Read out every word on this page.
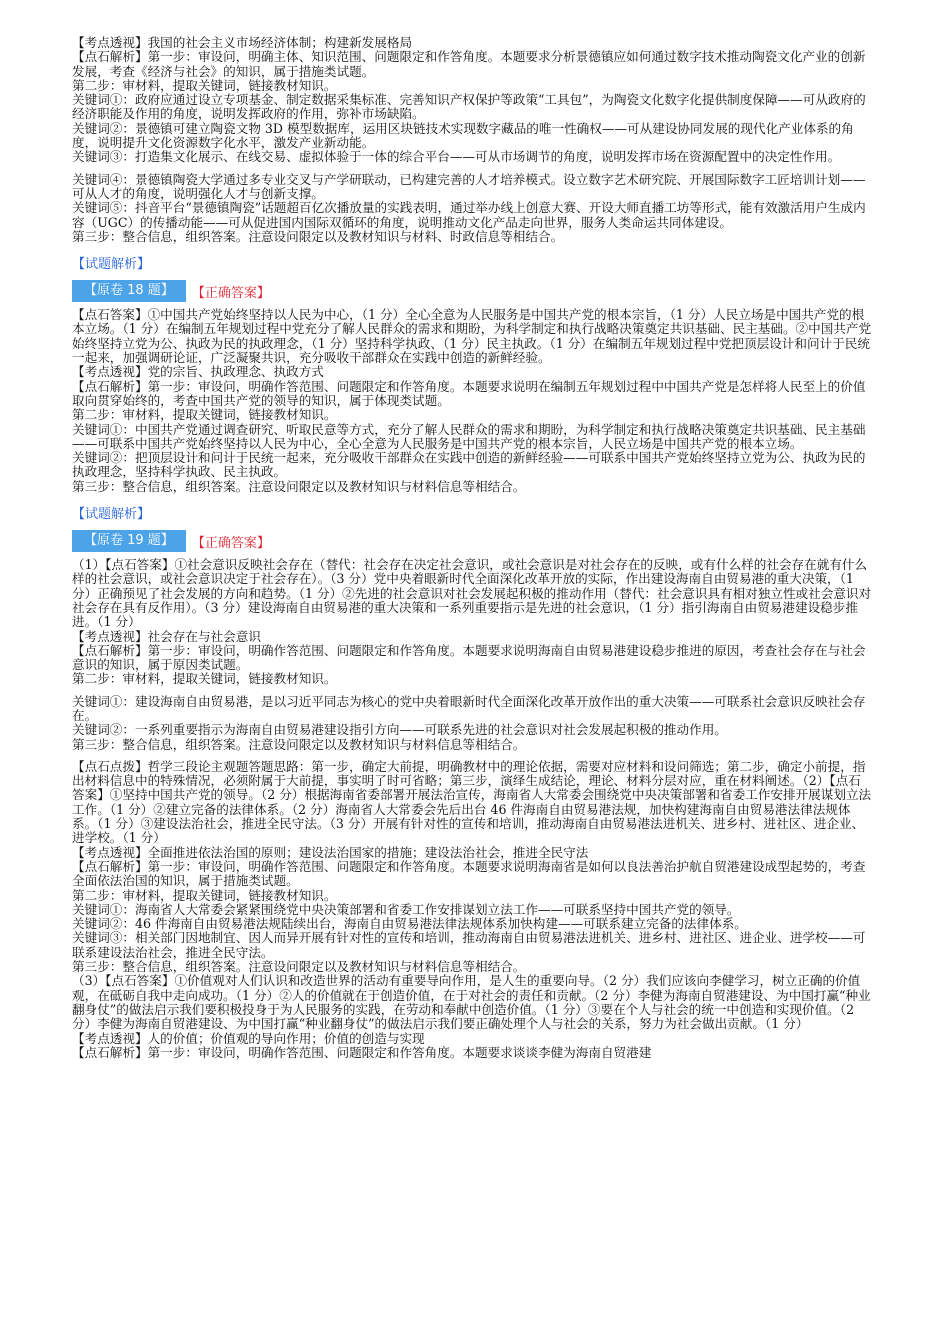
【考点透视】我国的社会主义市场经济体制；构建新发展格局

【点石解析】第一步：审设问，明确主体、知识范围、问题限定和作答角度。本题要求分析景德镇应如何通过数字技术推动陶瓷文化产业的创新发展，考查《经济与社会》的知识，属于措施类试题。

第二步：审材料，提取关键词，链接教材知识。

关键词①：政府应通过设立专项基金、制定数据采集标准、完善知识产权保护等政策“工具包”，为陶瓷文化数字化提供制度保障——可从政府的经济职能及作用的角度，说明发挥政府的作用，弥补市场缺陷。

关键词②：景德镇可建立陶瓷文物 3D 模型数据库，运用区块链技术实现数字藏品的唯一性确权——可从建设协同发展的现代化产业体系的角度，说明提升文化资源数字化水平，激发产业新动能。

关键词③：打造集文化展示、在线交易、虚拟体验于一体的综合平台——可从市场调节的角度，说明发挥市场在资源配置中的决定性作用。

关键词④：景德镇陶瓷大学通过多专业交叉与产学研联动，已构建完善的人才培养模式。设立数字艺术研究院、开展国际数字工匠培训计划——可从人才的角度，说明强化人才与创新支撑。

关键词⑤：抖音平台“景德镇陶瓷”话题超百亿次播放量的实践表明，通过举办线上创意大赛、开设大师直播工坊等形式，能有效激活用户生成内容（UGC）的传播动能——可从促进国内国际双循环的角度，说明推动文化产品走向世界，服务人类命运共同体建设。

第三步：整合信息，组织答案。注意设问限定以及教材知识与材料、时政信息等相结合。

【试题解析】
【原卷 18 题】	【正确答案】

【点石答案】①中国共产党始终坚持以人民为中心，（1 分）全心全意为人民服务是中国共产党的根本宗旨，（1 分）人民立场是中国共产党的根本立场。（1 分）在编制五年规划过程中党充分了解人民群众的需求和期盼，为科学制定和执行战略决策奠定共识基础、民主基础。②中国共产党始终坚持立党为公、执政为民的执政理念，（1 分）坚持科学执政、（1 分）民主执政。（1 分）在编制五年规划过程中党把顶层设计和问计于民统一起来，加强调研论证，广泛凝聚共识，充分吸收干部群众在实践中创造的新鲜经验。

【考点透视】党的宗旨、执政理念、执政方式

【点石解析】第一步：审设问，明确作答范围、问题限定和作答角度。本题要求说明在编制五年规划过程中中国共产党是怎样将人民至上的价值取向贯穿始终的，考查中国共产党的领导的知识，属于体现类试题。

第二步：审材料，提取关键词，链接教材知识。

关键词①：中国共产党通过调查研究、听取民意等方式，充分了解人民群众的需求和期盼，为科学制定和执行战略决策奠定共识基础、民主基础——可联系中国共产党始终坚持以人民为中心，全心全意为人民服务是中国共产党的根本宗旨，人民立场是中国共产党的根本立场。

关键词②：把顶层设计和问计于民统一起来，充分吸收干部群众在实践中创造的新鲜经验——可联系中国共产党始终坚持立党为公、执政为民的执政理念，坚持科学执政、民主执政。

第三步：整合信息，组织答案。注意设问限定以及教材知识与材料信息等相结合。

【试题解析】
【原卷 19 题】	【正确答案】

（1）【点石答案】①社会意识反映社会存在（替代：社会存在决定社会意识，或社会意识是对社会存在的反映，或有什么样的社会存在就有什么样的社会意识，或社会意识决定于社会存在）。（3 分）党中央着眼新时代全面深化改革开放的实际，作出建设海南自由贸易港的重大决策，（1 分）正确预见了社会发展的方向和趋势。（1 分）②先进的社会意识对社会发展起积极的推动作用（替代：社会意识具有相对独立性或社会意识对社会存在具有反作用）。（3 分）建设海南自由贸易港的重大决策和一系列重要指示是先进的社会意识，（1 分）指引海南自由贸易港建设稳步推进。（1 分）

【考点透视】社会存在与社会意识

【点石解析】第一步：审设问，明确作答范围、问题限定和作答角度。本题要求说明海南自由贸易港建设稳步推进的原因，考查社会存在与社会意识的知识，属于原因类试题。

第二步：审材料，提取关键词，链接教材知识。

关键词①：建设海南自由贸易港，是以习近平同志为核心的党中央着眼新时代全面深化改革开放作出的重大决策——可联系社会意识反映社会存在。

关键词②：一系列重要指示为海南自由贸易港建设指引方向——可联系先进的社会意识对社会发展起积极的推动作用。

第三步：整合信息，组织答案。注意设问限定以及教材知识与材料信息等相结合。

【点石点拨】哲学三段论主观题答题思路：第一步，确定大前提，明确教材中的理论依据，需要对应材料和设问筛选；第二步，确定小前提，指出材料信息中的特殊情况，必须附属于大前提，事实明了时可省略；第三步，演绎生成结论，理论、材料分层对应，重在材料阐述。（2）【点石答案】①坚持中国共产党的领导。（2 分）根据海南省委部署开展法治宣传，海南省人大常委会围绕党中央决策部署和省委工作安排开展谋划立法工作。（1 分）②建立完备的法律体系。（2 分）海南省人大常委会先后出台 46 件海南自由贸易港法规，加快构建海南自由贸易港法律法规体系。（1 分）③建设法治社会，推进全民守法。（3 分）开展有针对性的宣传和培训，推动海南自由贸易港法进机关、进乡村、进社区、进企业、进学校。（1 分）

【考点透视】全面推进依法治国的原则；建设法治国家的措施；建设法治社会，推进全民守法

【点石解析】第一步：审设问，明确作答范围、问题限定和作答角度。本题要求说明海南省是如何以良法善治护航自贸港建设成型起势的，考查全面依法治国的知识，属于措施类试题。

第二步：审材料，提取关键词，链接教材知识。

关键词①：海南省人大常委会紧紧围绕党中央决策部署和省委工作安排谋划立法工作——可联系坚持中国共产党的领导。

关键词②：46 件海南自由贸易港法规陆续出台，海南自由贸易港法律法规体系加快构建——可联系建立完备的法律体系。

关键词③：相关部门因地制宜、因人而异开展有针对性的宣传和培训，推动海南自由贸易港法进机关、进乡村、进社区、进企业、进学校——可联系建设法治社会，推进全民守法。

第三步：整合信息，组织答案。注意设问限定以及教材知识与材料信息等相结合。

（3）【点石答案】①价值观对人们认识和改造世界的活动有重要导向作用，是人生的重要向导。（2 分）我们应该向李健学习，树立正确的价值观，在砥砺自我中走向成功。（1 分）②人的价值就在于创造价值，在于对社会的责任和贡献。（2 分）李健为海南自贸港建设、为中国打赢“种业翻身仗”的做法启示我们要积极投身于为人民服务的实践，在劳动和奉献中创造价值。（1 分）③要在个人与社会的统一中创造和实现价值。（2 分）李健为海南自贸港建设、为中国打赢“种业翻身仗”的做法启示我们要正确处理个人与社会的关系，努力为社会做出贡献。（1 分）

【考点透视】人的价值；价值观的导向作用；价值的创造与实现

【点石解析】第一步：审设问，明确作答范围、问题限定和作答角度。本题要求谈谈李健为海南自贸港建
